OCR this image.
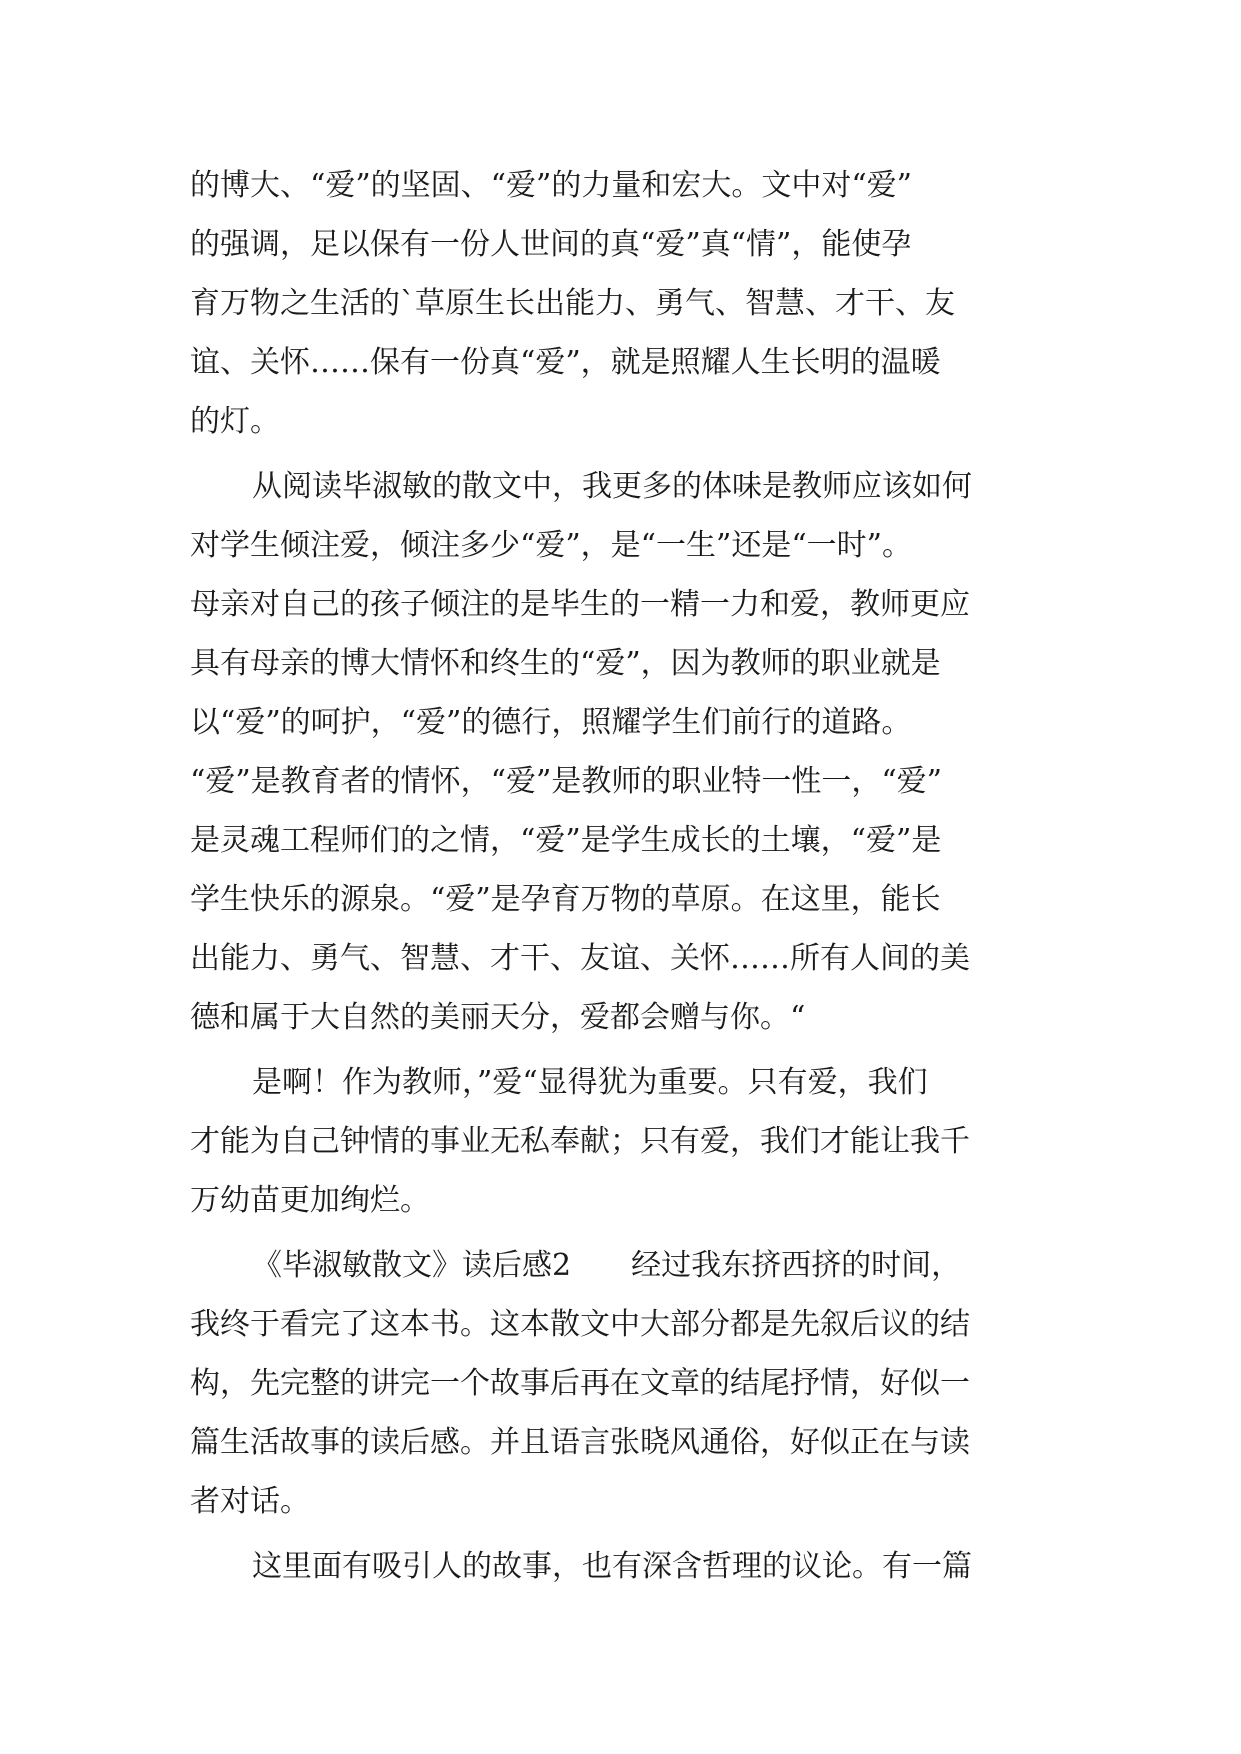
的博大、“爱”的坚固、“爱”的力量和宏大。文中对“爱”
的强调，足以保有一份人世间的真“爱”真“情”，能使孕
育万物之生活的`草原生长出能力、勇气、智慧、才干、友
谊、关怀……保有一份真“爱”，就是照耀人生长明的温暖
的灯。
从阅读毕淑敏的散文中，我更多的体味是教师应该如何
对学生倾注爱，倾注多少“爱”，是“一生”还是“一时”。
母亲对自己的孩子倾注的是毕生的一精一力和爱，教师更应
具有母亲的博大情怀和终生的“爱”，因为教师的职业就是
以“爱”的呵护，“爱”的德行，照耀学生们前行的道路。
“爱”是教育者的情怀，“爱”是教师的职业特一性一，“爱”
是灵魂工程师们的之情，“爱”是学生成长的土壤，“爱”是
学生快乐的源泉。“爱”是孕育万物的草原。在这里，能长
出能力、勇气、智慧、才干、友谊、关怀……所有人间的美
德和属于大自然的美丽天分，爱都会赠与你。“
是啊！作为教师，”爱“显得犹为重要。只有爱，我们
才能为自己钟情的事业无私奉献；只有爱，我们才能让我千
万幼苗更加绚烂。
《毕淑敏散文》读后感2　　经过我东挤西挤的时间，
我终于看完了这本书。这本散文中大部分都是先叙后议的结
构，先完整的讲完一个故事后再在文章的结尾抒情，好似一
篇生活故事的读后感。并且语言张晓风通俗，好似正在与读
者对话。
这里面有吸引人的故事，也有深含哲理的议论。有一篇
